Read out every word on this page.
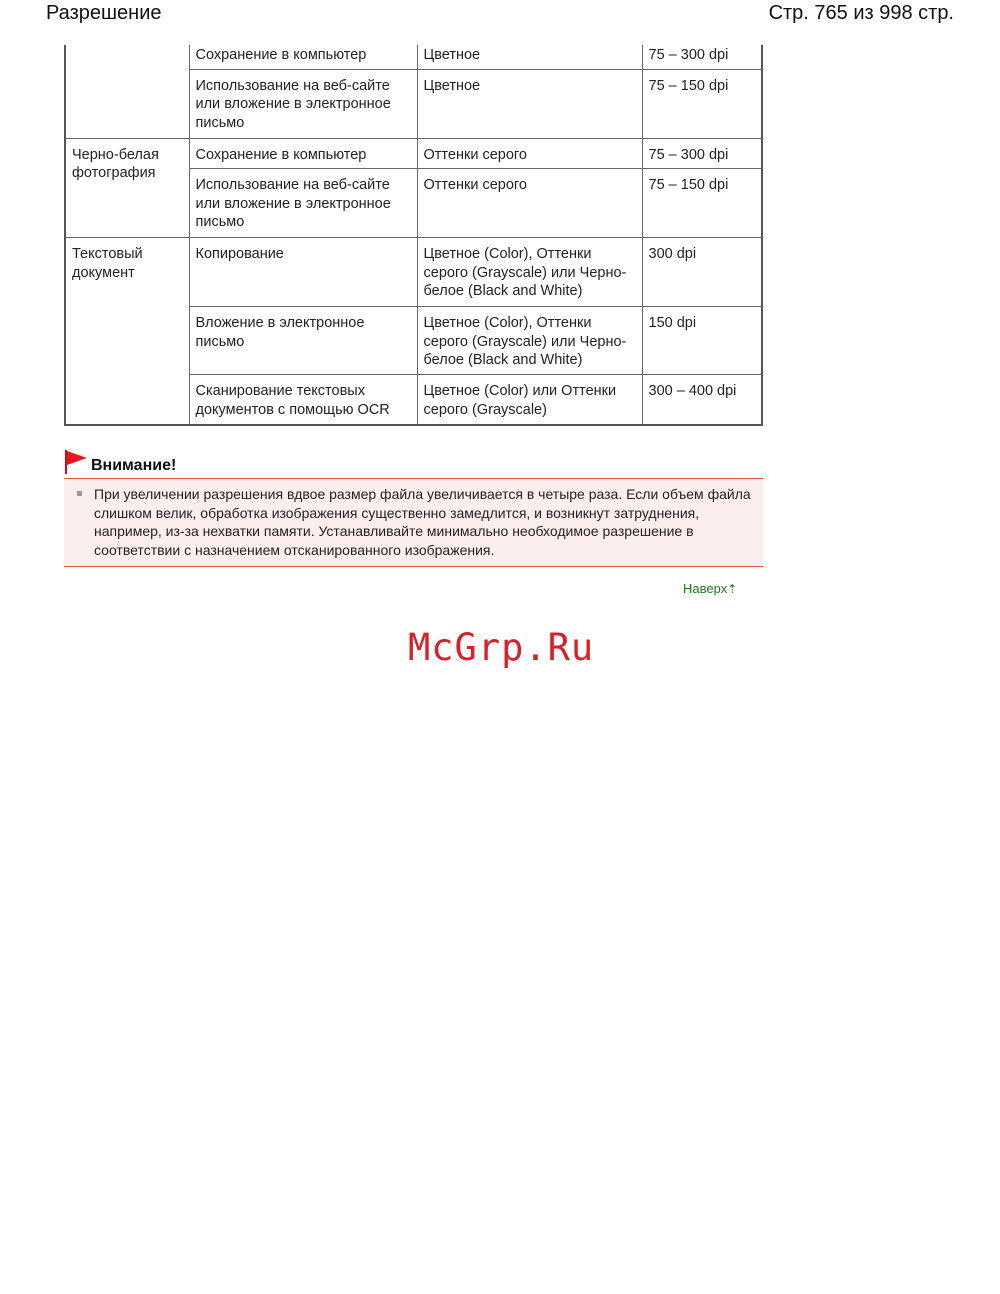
Разрешение	Стр. 765 из 998 стр.
	Сохранение в компьютер	Цветное	75 – 300 dpi
	Использование на веб-сайте или вложение в электронное письмо	Цветное	75 – 150 dpi
Черно-белая фотография	Сохранение в компьютер	Оттенки серого	75 – 300 dpi
	Использование на веб-сайте или вложение в электронное письмо	Оттенки серого	75 – 150 dpi
Текстовый документ	Копирование	Цветное (Color), Оттенки серого (Grayscale) или Черно-белое (Black and White)	300 dpi
	Вложение в электронное письмо	Цветное (Color), Оттенки серого (Grayscale) или Черно-белое (Black and White)	150 dpi
	Сканирование текстовых документов с помощью OCR	Цветное (Color) или Оттенки серого (Grayscale)	300 – 400 dpi
Внимание!
При увеличении разрешения вдвое размер файла увеличивается в четыре раза. Если объем файла слишком велик, обработка изображения существенно замедлится, и возникнут затруднения, например, из-за нехватки памяти. Устанавливайте минимально необходимое разрешение в соответствии с назначением отсканированного изображения.
Наверх⇡
McGrp.Ru
